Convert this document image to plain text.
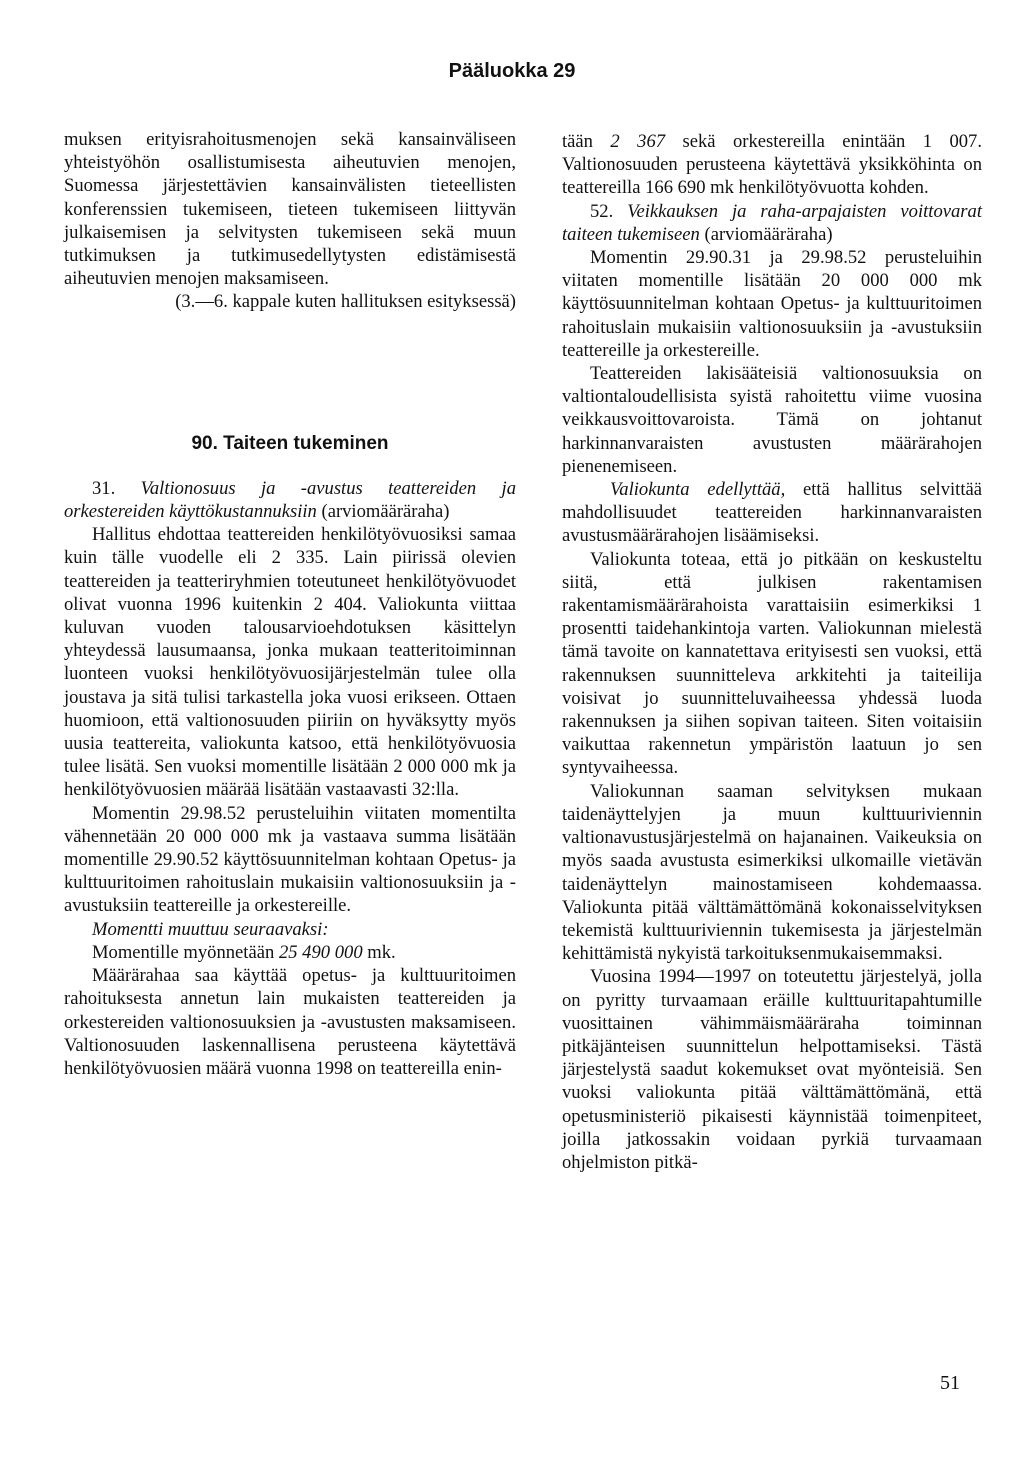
Pääluokka 29

muksen erityisrahoitusmenojen sekä kansainväliseen yhteistyöhön osallistumisesta aiheutuvien menojen, Suomessa järjestettävien kansainvälisten tieteellisten konferenssien tukemiseen, tieteen tukemiseen liittyvän julkaisemisen ja selvitysten tukemiseen sekä muun tutkimuksen ja tutkimusedellytysten edistämisestä aiheutuvien menojen maksamiseen.

(3.—6. kappale kuten hallituksen esityksessä)

90. Taiteen tukeminen

31. Valtionosuus ja -avustus teattereiden ja orkestereiden käyttökustannuksiin (arviomääräraha)

Hallitus ehdottaa teattereiden henkilötyövuosiksi samaa kuin tälle vuodelle eli 2 335. Lain piirissä olevien teattereiden ja teatteriryhmien toteutuneet henkilötyövuodet olivat vuonna 1996 kuitenkin 2 404. Valiokunta viittaa kuluvan vuoden talousarvioehdotuksen käsittelyn yhteydessä lausumaansa, jonka mukaan teatteritoiminnan luonteen vuoksi henkilötyövuosijärjestelmän tulee olla joustava ja sitä tulisi tarkastella joka vuosi erikseen. Ottaen huomioon, että valtionosuuden piiriin on hyväksytty myös uusia teattereita, valiokunta katsoo, että henkilötyövuosia tulee lisätä. Sen vuoksi momentille lisätään 2 000 000 mk ja henkilötyövuosien määrää lisätään vastaavasti 32:lla.

Momentin 29.98.52 perusteluihin viitaten momentilta vähennetään 20 000 000 mk ja vastaava summa lisätään momentille 29.90.52 käyttösuunnitelman kohtaan Opetus- ja kulttuuritoimen rahoituslain mukaisiin valtionosuuksiin ja -avustuksiin teattereille ja orkestereille.

Momentti muuttuu seuraavaksi:

Momentille myönnetään 25 490 000 mk.

Määrärahaa saa käyttää opetus- ja kulttuuritoimen rahoituksesta annetun lain mukaisten teattereiden ja orkestereiden valtionosuuksien ja -avustusten maksamiseen. Valtionosuuden laskennallisena perusteena käytettävä henkilötyövuosien määrä vuonna 1998 on teattereilla enin-

tään 2 367 sekä orkestereilla enintään 1 007. Valtionosuuden perusteena käytettävä yksikköhinta on teattereilla 166 690 mk henkilötyövuotta kohden.

52. Veikkauksen ja raha-arpajaisten voittovarat taiteen tukemiseen (arviomääräraha)

Momentin 29.90.31 ja 29.98.52 perusteluihin viitaten momentille lisätään 20 000 000 mk käyttösuunnitelman kohtaan Opetus- ja kulttuuritoimen rahoituslain mukaisiin valtionosuuksiin ja -avustuksiin teattereille ja orkestereille.

Teattereiden lakisääteisiä valtionosuuksia on valtiontaloudellisista syistä rahoitettu viime vuosina veikkausvoittovaroista. Tämä on johtanut harkinnanvaraisten avustusten määrärahojen pienenemiseen.

Valiokunta edellyttää, että hallitus selvittää mahdollisuudet teattereiden harkinnanvaraisten avustusmäärärahojen lisäämiseksi.

Valiokunta toteaa, että jo pitkään on keskusteltu siitä, että julkisen rakentamisen rakentamismäärärahoista varattaisiin esimerkiksi 1 prosentti taidehankintoja varten. Valiokunnan mielestä tämä tavoite on kannatettava erityisesti sen vuoksi, että rakennuksen suunnitteleva arkkitehti ja taiteilija voisivat jo suunnitteluvaiheessa yhdessä luoda rakennuksen ja siihen sopivan taiteen. Siten voitaisiin vaikuttaa rakennetun ympäristön laatuun jo sen syntyvaiheessa.

Valiokunnan saaman selvityksen mukaan taidenäyttelyjen ja muun kulttuuriviennin valtionavustusjärjestelmä on hajanainen. Vaikeuksia on myös saada avustusta esimerkiksi ulkomaille vietävän taidenäyttelyn mainostamiseen kohdemaassa. Valiokunta pitää välttämättömänä kokonaisselvityksen tekemistä kulttuuriviennin tukemisesta ja järjestelmän kehittämistä nykyistä tarkoituksenmukaisemmaksi.

Vuosina 1994—1997 on toteutettu järjestelyä, jolla on pyritty turvaamaan eräille kulttuuritapahtumille vuosittainen vähimmäismääräraha toiminnan pitkäjänteisen suunnittelun helpottamiseksi. Tästä järjestelystä saadut kokemukset ovat myönteisiä. Sen vuoksi valiokunta pitää välttämättömänä, että opetusministeriö pikaisesti käynnistää toimenpiteet, joilla jatkossakin voidaan pyrkiä turvaamaan ohjelmiston pitkä-

51
